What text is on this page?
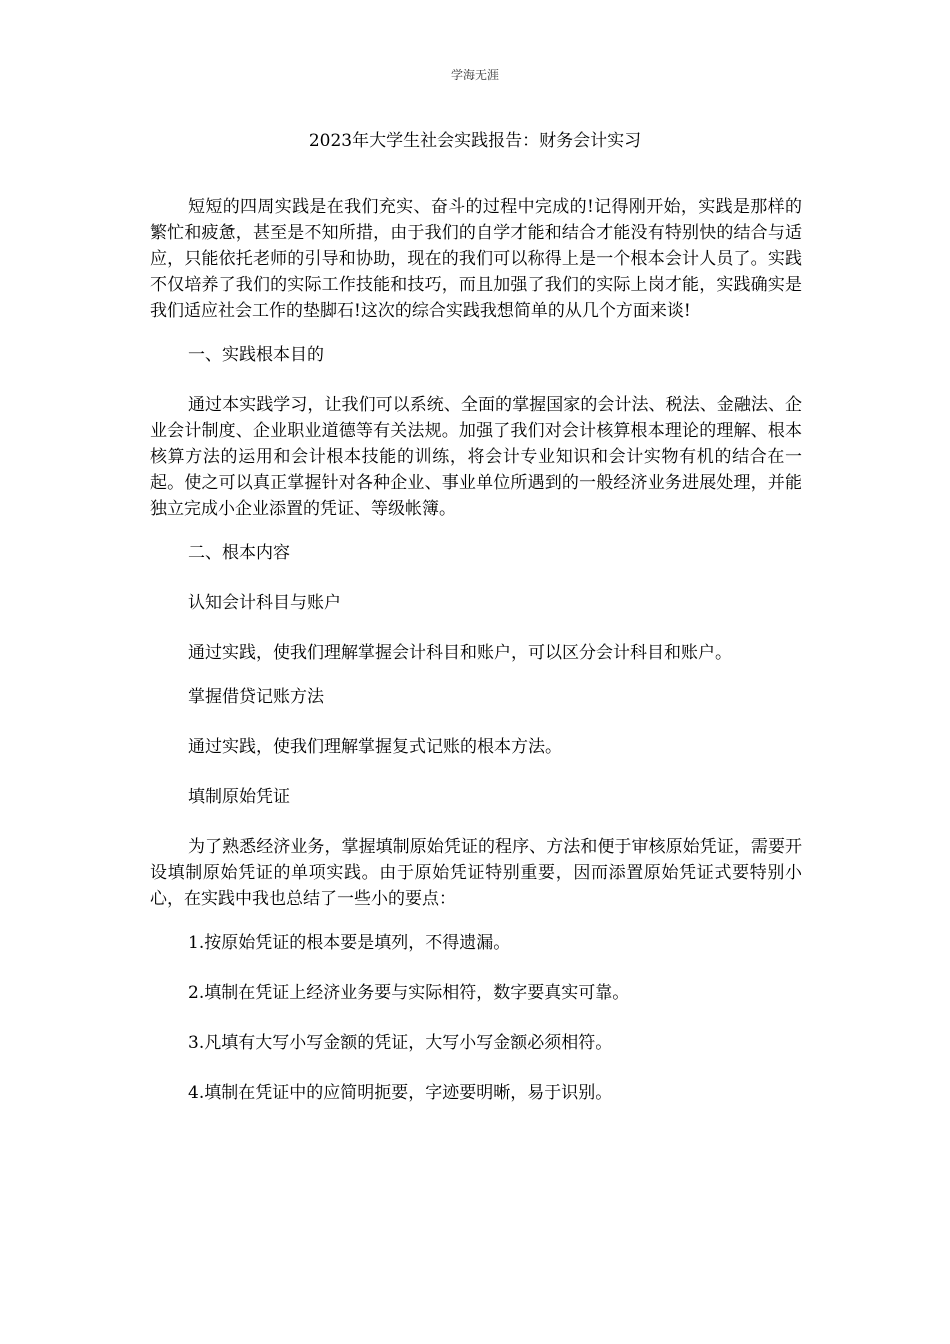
学海无涯
2023年大学生社会实践报告：财务会计实习

短短的四周实践是在我们充实、奋斗的过程中完成的!记得刚开始，实践是那样的繁忙和疲惫，甚至是不知所措，由于我们的自学才能和结合才能没有特别快的结合与适应，只能依托老师的引导和协助，现在的我们可以称得上是一个根本会计人员了。实践不仅培养了我们的实际工作技能和技巧，而且加强了我们的实际上岗才能，实践确实是我们适应社会工作的垫脚石!这次的综合实践我想简单的从几个方面来谈!

一、实践根本目的

通过本实践学习，让我们可以系统、全面的掌握国家的会计法、税法、金融法、企业会计制度、企业职业道德等有关法规。加强了我们对会计核算根本理论的理解、根本核算方法的运用和会计根本技能的训练，将会计专业知识和会计实物有机的结合在一起。使之可以真正掌握针对各种企业、事业单位所遇到的一般经济业务进展处理，并能独立完成小企业添置的凭证、等级帐簿。

二、根本内容

认知会计科目与账户

通过实践，使我们理解掌握会计科目和账户，可以区分会计科目和账户。

掌握借贷记账方法

通过实践，使我们理解掌握复式记账的根本方法。

填制原始凭证

为了熟悉经济业务，掌握填制原始凭证的程序、方法和便于审核原始凭证，需要开设填制原始凭证的单项实践。由于原始凭证特别重要，因而添置原始凭证式要特别小心，在实践中我也总结了一些小的要点：

1.按原始凭证的根本要是填列，不得遗漏。

2.填制在凭证上经济业务要与实际相符，数字要真实可靠。

3.凡填有大写小写金额的凭证，大写小写金额必须相符。

4.填制在凭证中的应简明扼要，字迹要明晰，易于识别。
